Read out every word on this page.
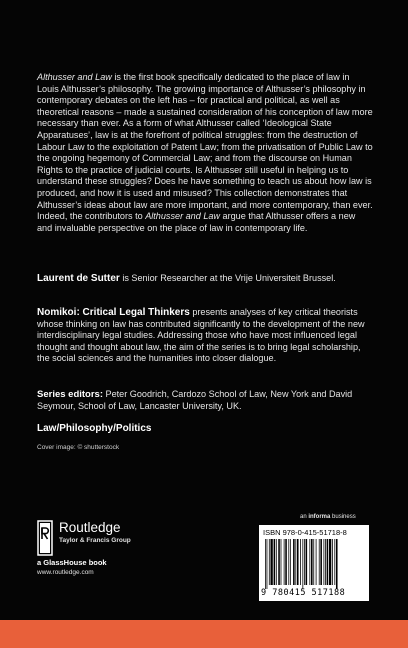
Althusser and Law is the first book specifically dedicated to the place of law in Louis Althusser’s philosophy. The growing importance of Althusser’s philosophy in contemporary debates on the left has – for practical and political, as well as theoretical reasons – made a sustained consideration of his conception of law more necessary than ever. As a form of what Althusser called ‘Ideological State Apparatuses’, law is at the forefront of political struggles: from the destruction of Labour Law to the exploitation of Patent Law; from the privatisation of Public Law to the ongoing hegemony of Commercial Law; and from the discourse on Human Rights to the practice of judicial courts. Is Althusser still useful in helping us to understand these struggles? Does he have something to teach us about how law is produced, and how it is used and misused? This collection demonstrates that Althusser’s ideas about law are more important, and more contemporary, than ever. Indeed, the contributors to Althusser and Law argue that Althusser offers a new and invaluable perspective on the place of law in contemporary life.
Laurent de Sutter is Senior Researcher at the Vrije Universiteit Brussel.
Nomikoi: Critical Legal Thinkers presents analyses of key critical theorists whose thinking on law has contributed significantly to the development of the new interdisciplinary legal studies. Addressing those who have most influenced legal thought and thought about law, the aim of the series is to bring legal scholarship, the social sciences and the humanities into closer dialogue.
Series editors: Peter Goodrich, Cardozo School of Law, New York and David Seymour, School of Law, Lancaster University, UK.
Law/Philosophy/Politics
Cover image: © shutterstock
Routledge
Taylor & Francis Group
a GlassHouse book
www.routledge.com
an informa business
ISBN 978-0-415-51718-8
9 780415 517188
